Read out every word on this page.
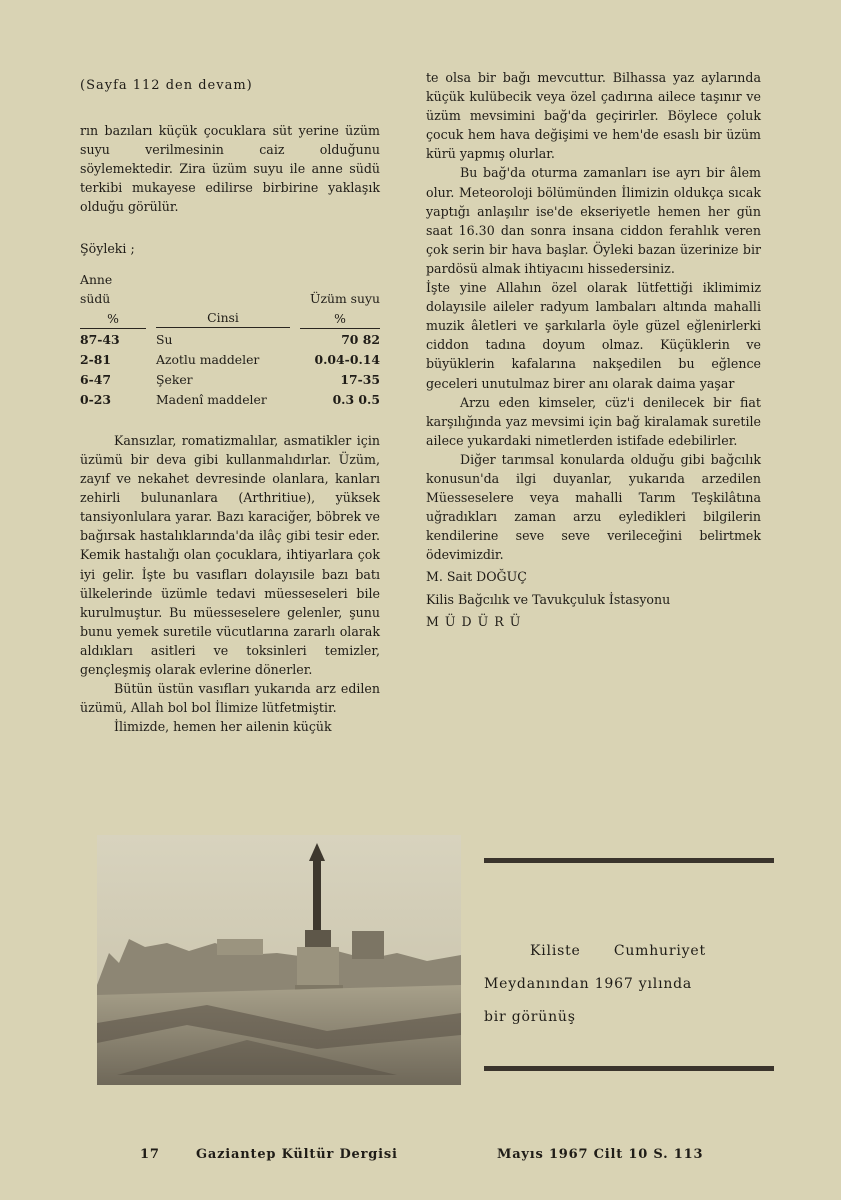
(Sayfa 112 den devam)

rın bazıları küçük çocuklara süt yerine üzüm suyu verilmesinin caiz olduğunu söylemektedir. Zira üzüm suyu ile anne südü terkibi mukayese edilirse birbirine yaklaşık olduğu görülür.

Şöyleki ;

Anne südü		Üzüm suyu
%	Cinsi	%
87-43	Su	70 82
2-81	Azotlu maddeler	0.04-0.14
6-47	Şeker	17-35
0-23	Madenî maddeler	0.3 0.5

Kansızlar, romatizmalılar, asmatikler için üzümü bir deva gibi kullanmalıdırlar. Üzüm, zayıf ve nekahet devresinde olanlara, kanları zehirli bulunanlara (Arthritiue), yüksek tansiyonlulara yarar. Bazı karaciğer, böbrek ve bağırsak hastalıklarında'da ilâç gibi tesir eder. Kemik hastalığı olan çocuklara, ihtiyarlara çok iyi gelir. İşte bu vasıfları dolayısile bazı batı ülkelerinde üzümle tedavi müesseseleri bile kurulmuştur. Bu müesseselere gelenler, şunu bunu yemek suretile vücutlarına zararlı olarak aldıkları asitleri ve toksinleri temizler, gençleşmiş olarak evlerine dönerler.

Bütün üstün vasıfları yukarıda arz edilen üzümü, Allah bol bol İlimize lütfetmiştir.

İlimizde, hemen her ailenin küçük

te olsa bir bağı mevcuttur. Bilhassa yaz aylarında küçük kulübecik veya özel çadırına ailece taşınır ve üzüm mevsimini bağ'da geçirirler. Böylece çoluk çocuk hem hava değişimi ve hem'de esaslı bir üzüm kürü yapmış olurlar.

Bu bağ'da oturma zamanları ise ayrı bir âlem olur. Meteoroloji bölümünden İlimizin oldukça sıcak yaptığı anlaşılır ise'de ekseriyetle hemen her gün saat 16.30 dan sonra insana ciddon ferahlık veren çok serin bir hava başlar. Öyleki bazan üzerinize bir pardösü almak ihtiyacını hissedersiniz.

İşte yine Allahın özel olarak lütfettiği iklimimiz dolayısile aileler radyum lambaları altında mahalli muzik âletleri ve şarkılarla öyle güzel eğlenirlerki ciddon tadına doyum olmaz. Küçüklerin ve büyüklerin kafalarına nakşedilen bu eğlence geceleri unutulmaz birer anı olarak daima yaşar

Arzu eden kimseler, cüz'i denilecek bir fiat karşılığında yaz mevsimi için bağ kiralamak suretile ailece yukardaki nimetlerden istifade edebilirler.

Diğer tarımsal konularda olduğu gibi bağcılık konusun'da ilgi duyanlar, yukarıda arzedilen Müesseselere veya mahalli Tarım Teşkilâtına uğradıkları zaman arzu eyledikleri bilgilerin kendilerine seve seve verileceğini belirtmek ödevimizdir.

M. Sait DOĞUÇ

Kilis Bağcılık ve Tavukçuluk İstasyonu

MÜDÜRÜ

Kiliste Cumhuriyet

Meydanından 1967 yılında

bir görünüş

17	Gaziantep Kültür Dergisi	Mayıs 1967 Cilt 10 S. 113
